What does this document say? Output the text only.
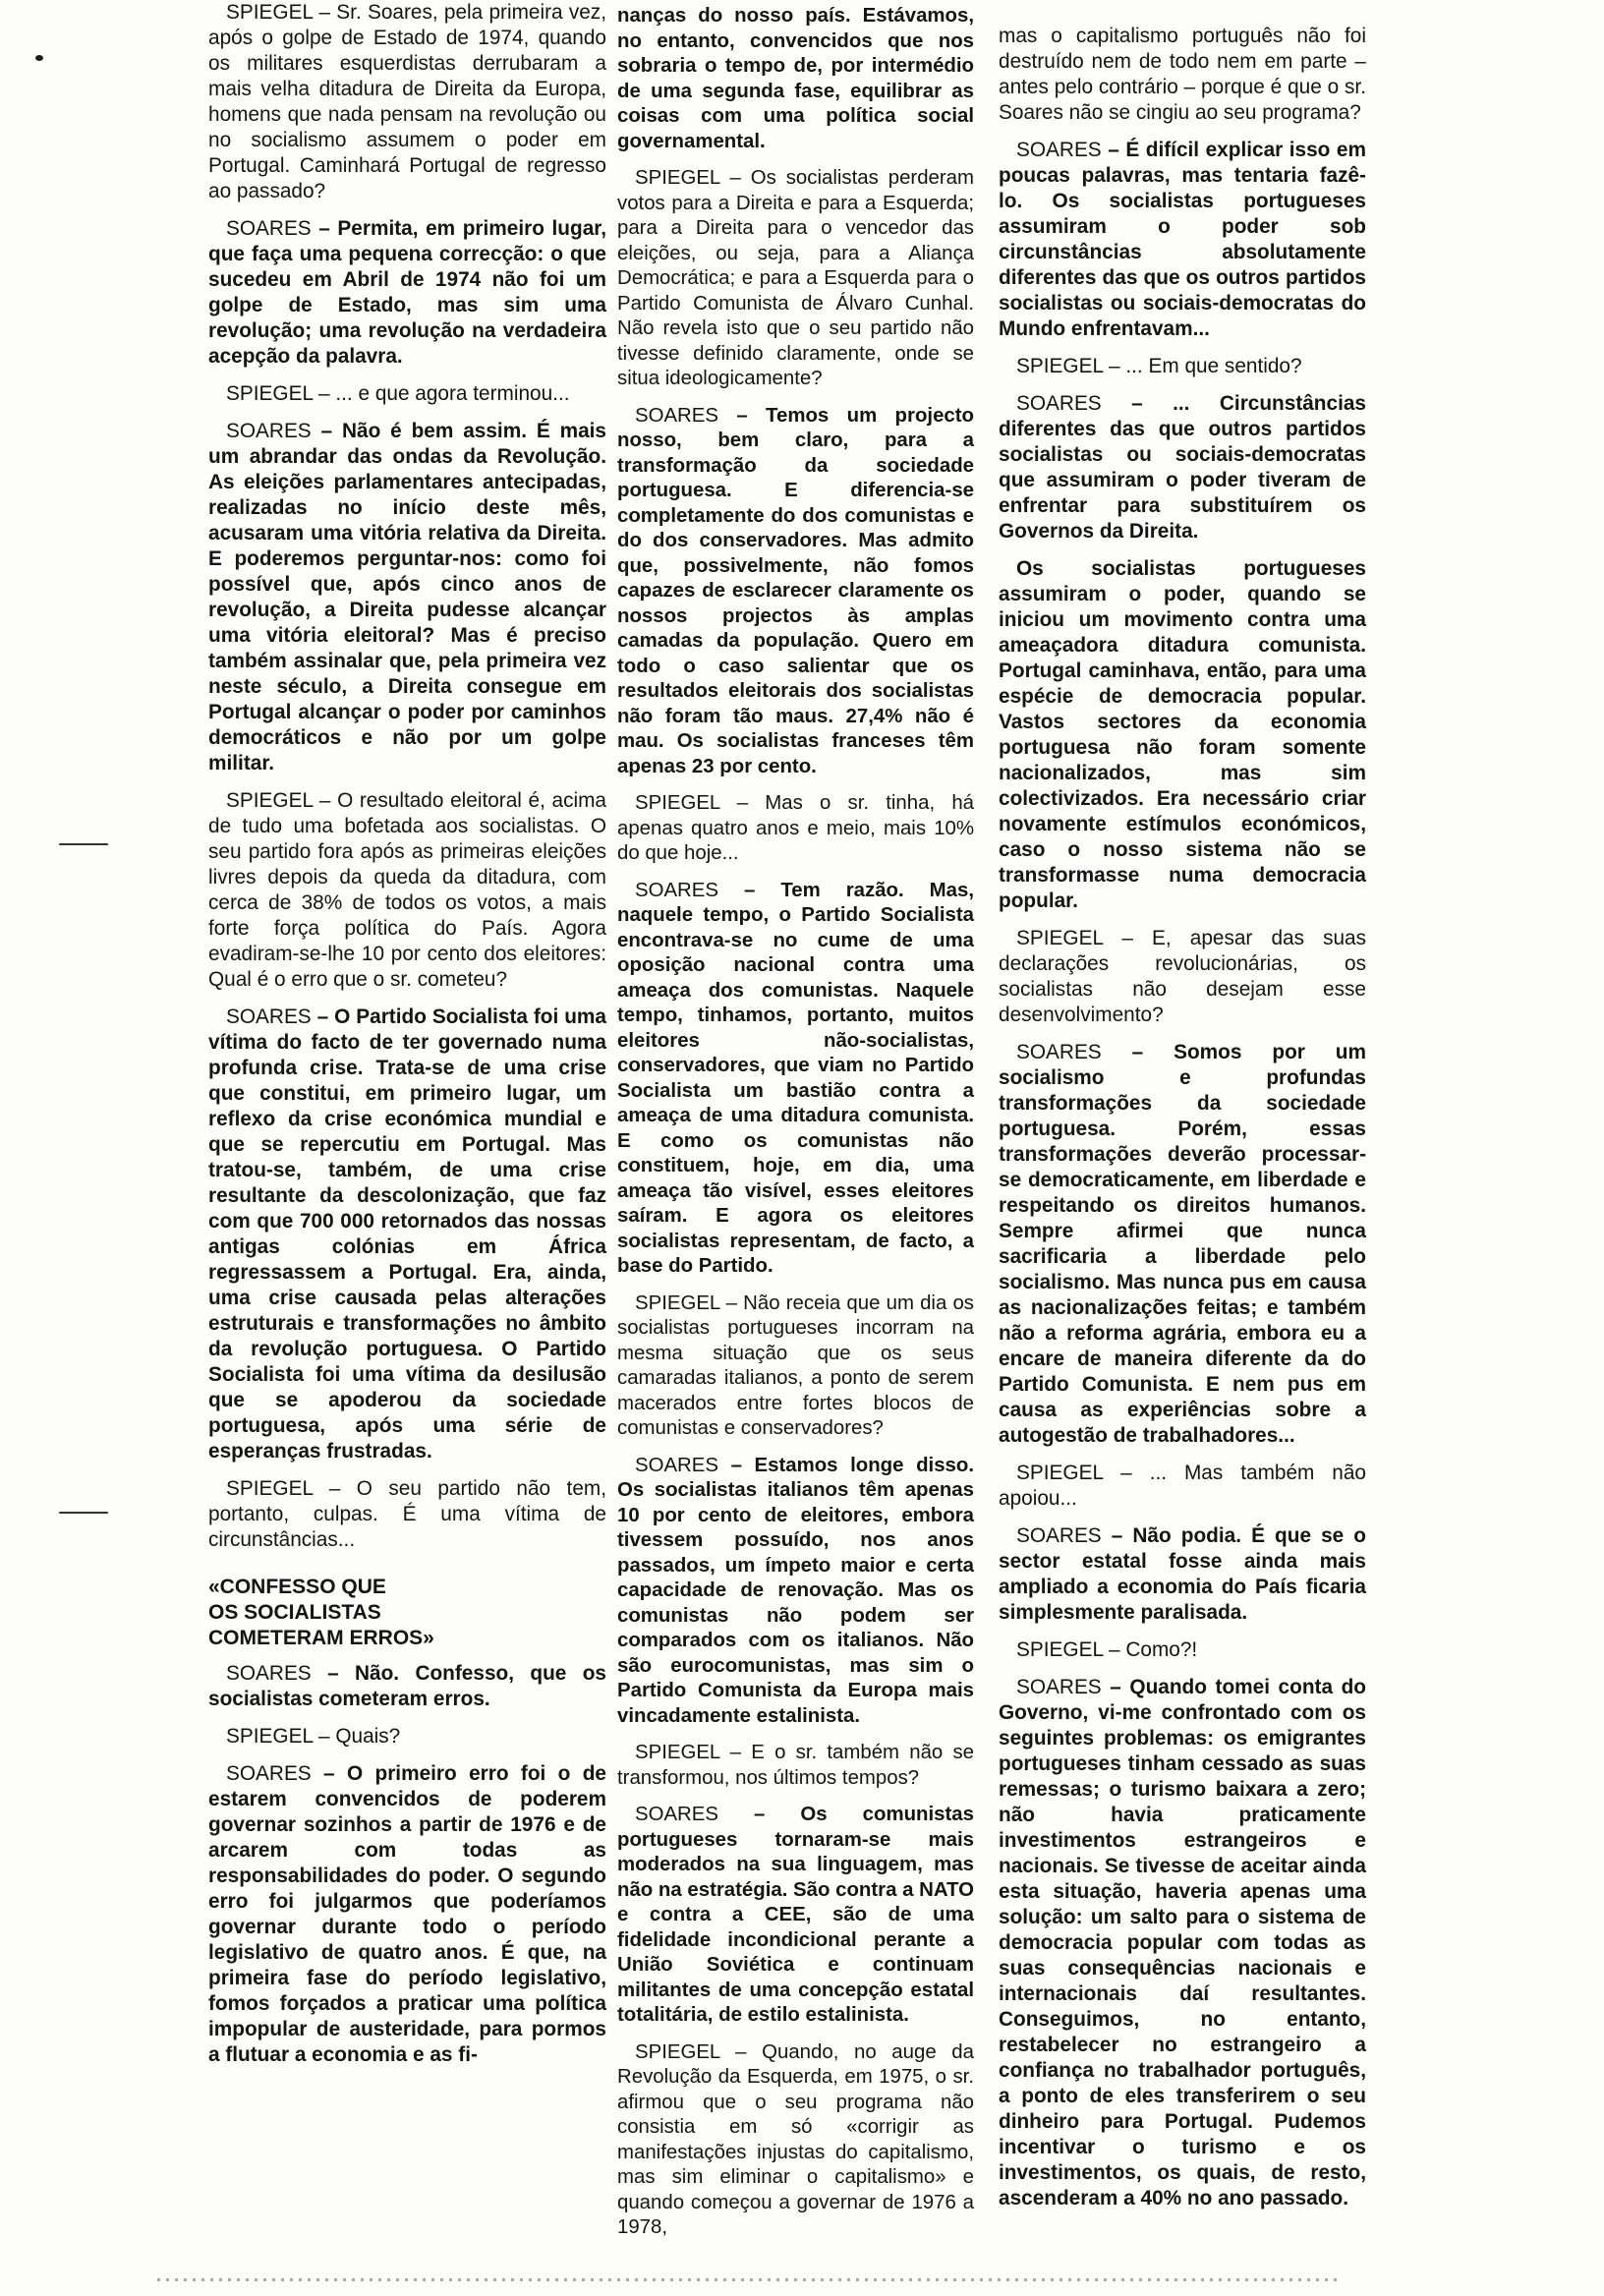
SPIEGEL – Sr. Soares, pela primeira vez, após o golpe de Estado de 1974, quando os militares esquerdistas derrubaram a mais velha ditadura de Direita da Europa, homens que nada pensam na revolução ou no socialismo assumem o poder em Portugal. Caminhará Portugal de regresso ao passado?

SOARES – Permita, em primeiro lugar, que faça uma pequena correcção: o que sucedeu em Abril de 1974 não foi um golpe de Estado, mas sim uma revolução; uma revolução na verdadeira acepção da palavra.

SPIEGEL – ... e que agora terminou...

SOARES – Não é bem assim. É mais um abrandar das ondas da Revolução. As eleições parlamentares antecipadas, realizadas no início deste mês, acusaram uma vitória relativa da Direita. E poderemos perguntar-nos: como foi possível que, após cinco anos de revolução, a Direita pudesse alcançar uma vitória eleitoral? Mas é preciso também assinalar que, pela primeira vez neste século, a Direita consegue em Portugal alcançar o poder por caminhos democráticos e não por um golpe militar.

SPIEGEL – O resultado eleitoral é, acima de tudo uma bofetada aos socialistas. O seu partido fora após as primeiras eleições livres depois da queda da ditadura, com cerca de 38% de todos os votos, a mais forte força política do País. Agora evadiram-se-lhe 10 por cento dos eleitores: Qual é o erro que o sr. cometeu?

SOARES – O Partido Socialista foi uma vítima do facto de ter governado numa profunda crise. Trata-se de uma crise que constitui, em primeiro lugar, um reflexo da crise económica mundial e que se repercutiu em Portugal. Mas tratou-se, também, de uma crise resultante da descolonização, que faz com que 700 000 retornados das nossas antigas colónias em África regressassem a Portugal. Era, ainda, uma crise causada pelas alterações estruturais e transformações no âmbito da revolução portuguesa. O Partido Socialista foi uma vítima da desilusão que se apoderou da sociedade portuguesa, após uma série de esperanças frustradas.

SPIEGEL – O seu partido não tem, portanto, culpas. É uma vítima de circunstâncias...

«CONFESSO QUE
OS SOCIALISTAS
COMETERAM ERROS»

SOARES – Não. Confesso, que os socialistas cometeram erros.

SPIEGEL – Quais?

SOARES – O primeiro erro foi o de estarem convencidos de poderem governar sozinhos a partir de 1976 e de arcarem com todas as responsabilidades do poder. O segundo erro foi julgarmos que poderíamos governar durante todo o período legislativo de quatro anos. É que, na primeira fase do período legislativo, fomos forçados a praticar uma política impopular de austeridade, para pormos a flutuar a economia e as fi-

nanças do nosso país. Estávamos, no entanto, convencidos que nos sobraria o tempo de, por intermédio de uma segunda fase, equilibrar as coisas com uma política social governamental.

SPIEGEL – Os socialistas perderam votos para a Direita e para a Esquerda; para a Direita para o vencedor das eleições, ou seja, para a Aliança Democrática; e para a Esquerda para o Partido Comunista de Álvaro Cunhal. Não revela isto que o seu partido não tivesse definido claramente, onde se situa ideologicamente?

SOARES – Temos um projecto nosso, bem claro, para a transformação da sociedade portuguesa. E diferencia-se completamente do dos comunistas e do dos conservadores. Mas admito que, possivelmente, não fomos capazes de esclarecer claramente os nossos projectos às amplas camadas da população. Quero em todo o caso salientar que os resultados eleitorais dos socialistas não foram tão maus. 27,4% não é mau. Os socialistas franceses têm apenas 23 por cento.

SPIEGEL – Mas o sr. tinha, há apenas quatro anos e meio, mais 10% do que hoje...

SOARES – Tem razão. Mas, naquele tempo, o Partido Socialista encontrava-se no cume de uma oposição nacional contra uma ameaça dos comunistas. Naquele tempo, tinhamos, portanto, muitos eleitores não-socialistas, conservadores, que viam no Partido Socialista um bastião contra a ameaça de uma ditadura comunista. E como os comunistas não constituem, hoje, em dia, uma ameaça tão visível, esses eleitores saíram. E agora os eleitores socialistas representam, de facto, a base do Partido.

SPIEGEL – Não receia que um dia os socialistas portugueses incorram na mesma situação que os seus camaradas italianos, a ponto de serem macerados entre fortes blocos de comunistas e conservadores?

SOARES – Estamos longe disso. Os socialistas italianos têm apenas 10 por cento de eleitores, embora tivessem possuído, nos anos passados, um ímpeto maior e certa capacidade de renovação. Mas os comunistas não podem ser comparados com os italianos. Não são eurocomunistas, mas sim o Partido Comunista da Europa mais vincadamente estalinista.

SPIEGEL – E o sr. também não se transformou, nos últimos tempos?

SOARES – Os comunistas portugueses tornaram-se mais moderados na sua linguagem, mas não na estratégia. São contra a NATO e contra a CEE, são de uma fidelidade incondicional perante a União Soviética e continuam militantes de uma concepção estatal totalitária, de estilo estalinista.

SPIEGEL – Quando, no auge da Revolução da Esquerda, em 1975, o sr. afirmou que o seu programa não consistia em só «corrigir as manifestações injustas do capitalismo, mas sim eliminar o capitalismo» e quando começou a governar de 1976 a 1978,

mas o capitalismo português não foi destruído nem de todo nem em parte – antes pelo contrário – porque é que o sr. Soares não se cingiu ao seu programa?

SOARES – É difícil explicar isso em poucas palavras, mas tentaria fazê-lo. Os socialistas portugueses assumiram o poder sob circunstâncias absolutamente diferentes das que os outros partidos socialistas ou sociais-democratas do Mundo enfrentavam...

SPIEGEL – ... Em que sentido?

SOARES – ... Circunstâncias diferentes das que outros partidos socialistas ou sociais-democratas que assumiram o poder tiveram de enfrentar para substituírem os Governos da Direita.

Os socialistas portugueses assumiram o poder, quando se iniciou um movimento contra uma ameaçadora ditadura comunista. Portugal caminhava, então, para uma espécie de democracia popular. Vastos sectores da economia portuguesa não foram somente nacionalizados, mas sim colectivizados. Era necessário criar novamente estímulos económicos, caso o nosso sistema não se transformasse numa democracia popular.

SPIEGEL – E, apesar das suas declarações revolucionárias, os socialistas não desejam esse desenvolvimento?

SOARES – Somos por um socialismo e profundas transformações da sociedade portuguesa. Porém, essas transformações deverão processar-se democraticamente, em liberdade e respeitando os direitos humanos. Sempre afirmei que nunca sacrificaria a liberdade pelo socialismo. Mas nunca pus em causa as nacionalizações feitas; e também não a reforma agrária, embora eu a encare de maneira diferente da do Partido Comunista. E nem pus em causa as experiências sobre a autogestão de trabalhadores...

SPIEGEL – ... Mas também não apoiou...

SOARES – Não podia. É que se o sector estatal fosse ainda mais ampliado a economia do País ficaria simplesmente paralisada.

SPIEGEL – Como?!

SOARES – Quando tomei conta do Governo, vi-me confrontado com os seguintes problemas: os emigrantes portugueses tinham cessado as suas remessas; o turismo baixara a zero; não havia praticamente investimentos estrangeiros e nacionais. Se tivesse de aceitar ainda esta situação, haveria apenas uma solução: um salto para o sistema de democracia popular com todas as suas consequências nacionais e internacionais daí resultantes. Conseguimos, no entanto, restabelecer no estrangeiro a confiança no trabalhador português, a ponto de eles transferirem o seu dinheiro para Portugal. Pudemos incentivar o turismo e os investimentos, os quais, de resto, ascenderam a 40% no ano passado.
